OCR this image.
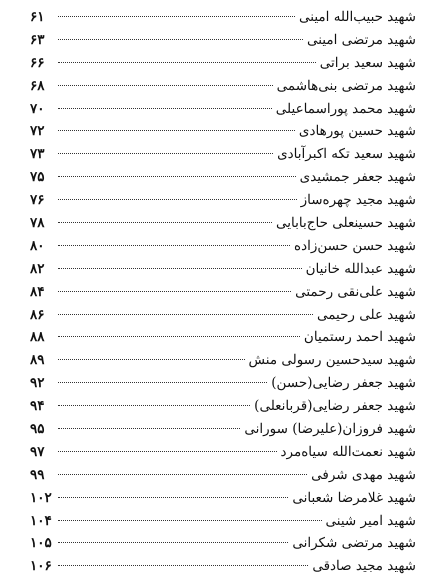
شهید حبیب‌الله امینی
۶۱
شهید مرتضی امینی
۶۳
شهید سعید براتی
۶۶
شهید مرتضی بنی‌هاشمی
۶۸
شهید محمد پوراسماعیلی
۷۰
شهید حسین پورهادی
۷۲
شهید سعید تکه اکبرآبادی
۷۳
شهید جعفر جمشیدی
۷۵
شهید مجید چهره‌ساز
۷۶
شهید حسینعلی حاج‌بابایی
۷۸
شهید حسن حسن‌زاده
۸۰
شهید عبدالله خانیان
۸۲
شهید علی‌نقی رحمتی
۸۴
شهید علی رحیمی
۸۶
شهید احمد رستمیان
۸۸
شهید سیدحسین رسولی منش
۸۹
شهید جعفر رضایی(حسن)
۹۲
شهید جعفر رضایی(قربانعلی)
۹۴
شهید فروزان(علیرضا) سورانی
۹۵
شهید نعمت‌الله سیاه‌مرد
۹۷
شهید مهدی شرفی
۹۹
شهید غلامرضا شعبانی
۱۰۲
شهید امیر شینی
۱۰۴
شهید مرتضی شکرانی
۱۰۵
شهید مجید صادقی
۱۰۶
